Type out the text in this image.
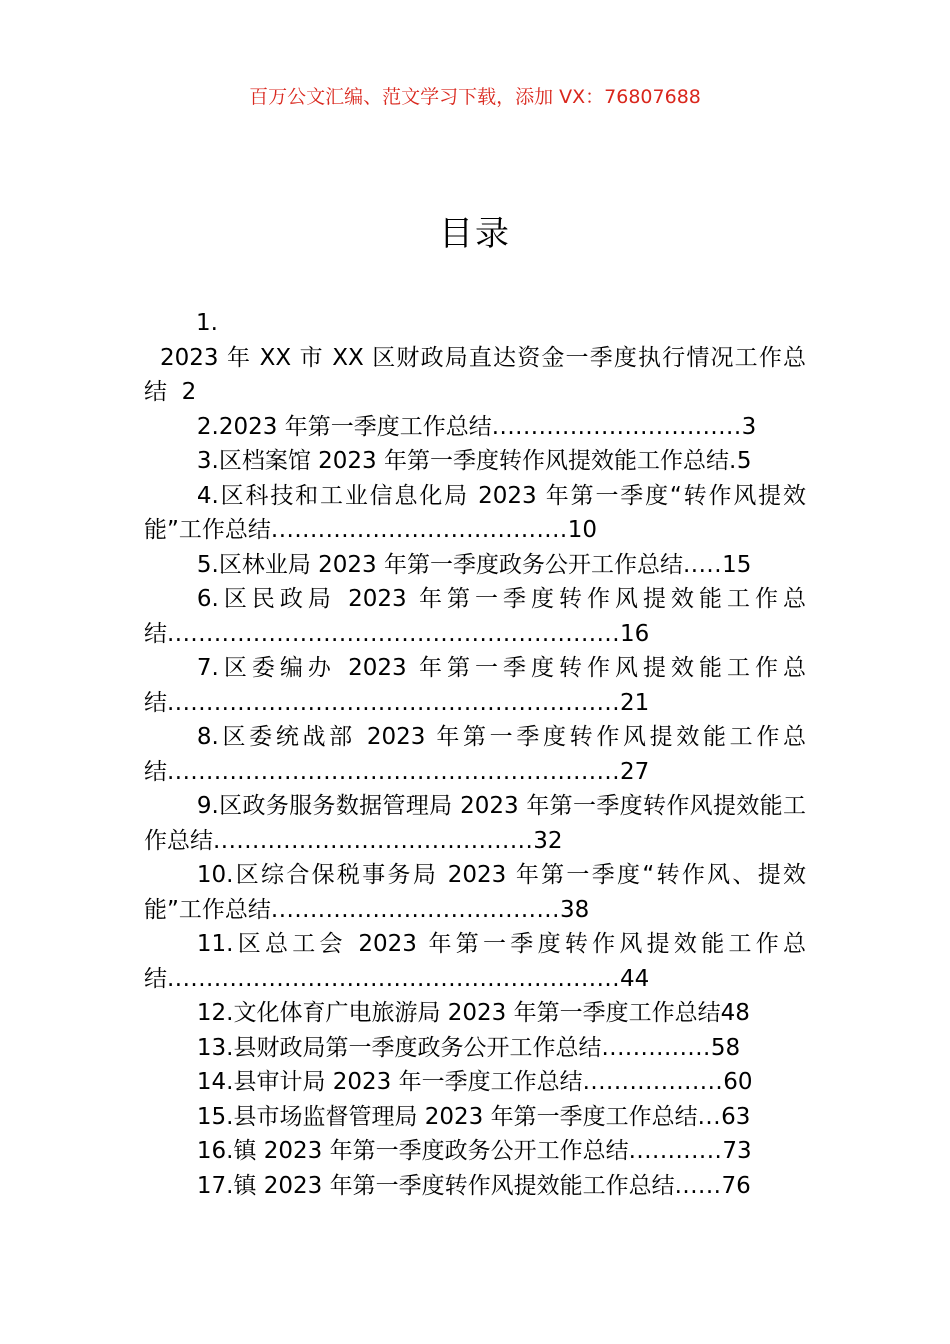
百万公文汇编、范文学习下载，添加 VX：76807688
目录

1.
2023 年 XX 市 XX 区财政局直达资金一季度执行情况工作总结 2

2.2023 年第一季度工作总结................................3

3.区档案馆 2023 年第一季度转作风提效能工作总结.5

4.区科技和工业信息化局 2023 年第一季度“转作风提效能”工作总结......................................10

5.区林业局 2023 年第一季度政务公开工作总结.....15

6.区民政局 2023 年第一季度转作风提效能工作总结..........................................................16

7.区委编办 2023 年第一季度转作风提效能工作总结..........................................................21

8.区委统战部 2023 年第一季度转作风提效能工作总结..........................................................27

9.区政务服务数据管理局 2023 年第一季度转作风提效能工作总结.........................................32

10.区综合保税事务局 2023 年第一季度“转作风、提效能”工作总结.....................................38

11.区总工会 2023 年第一季度转作风提效能工作总结..........................................................44

12.文化体育广电旅游局 2023 年第一季度工作总结48

13.县财政局第一季度政务公开工作总结..............58

14.县审计局 2023 年一季度工作总结..................60

15.县市场监督管理局 2023 年第一季度工作总结...63

16.镇 2023 年第一季度政务公开工作总结............73

17.镇 2023 年第一季度转作风提效能工作总结......76
